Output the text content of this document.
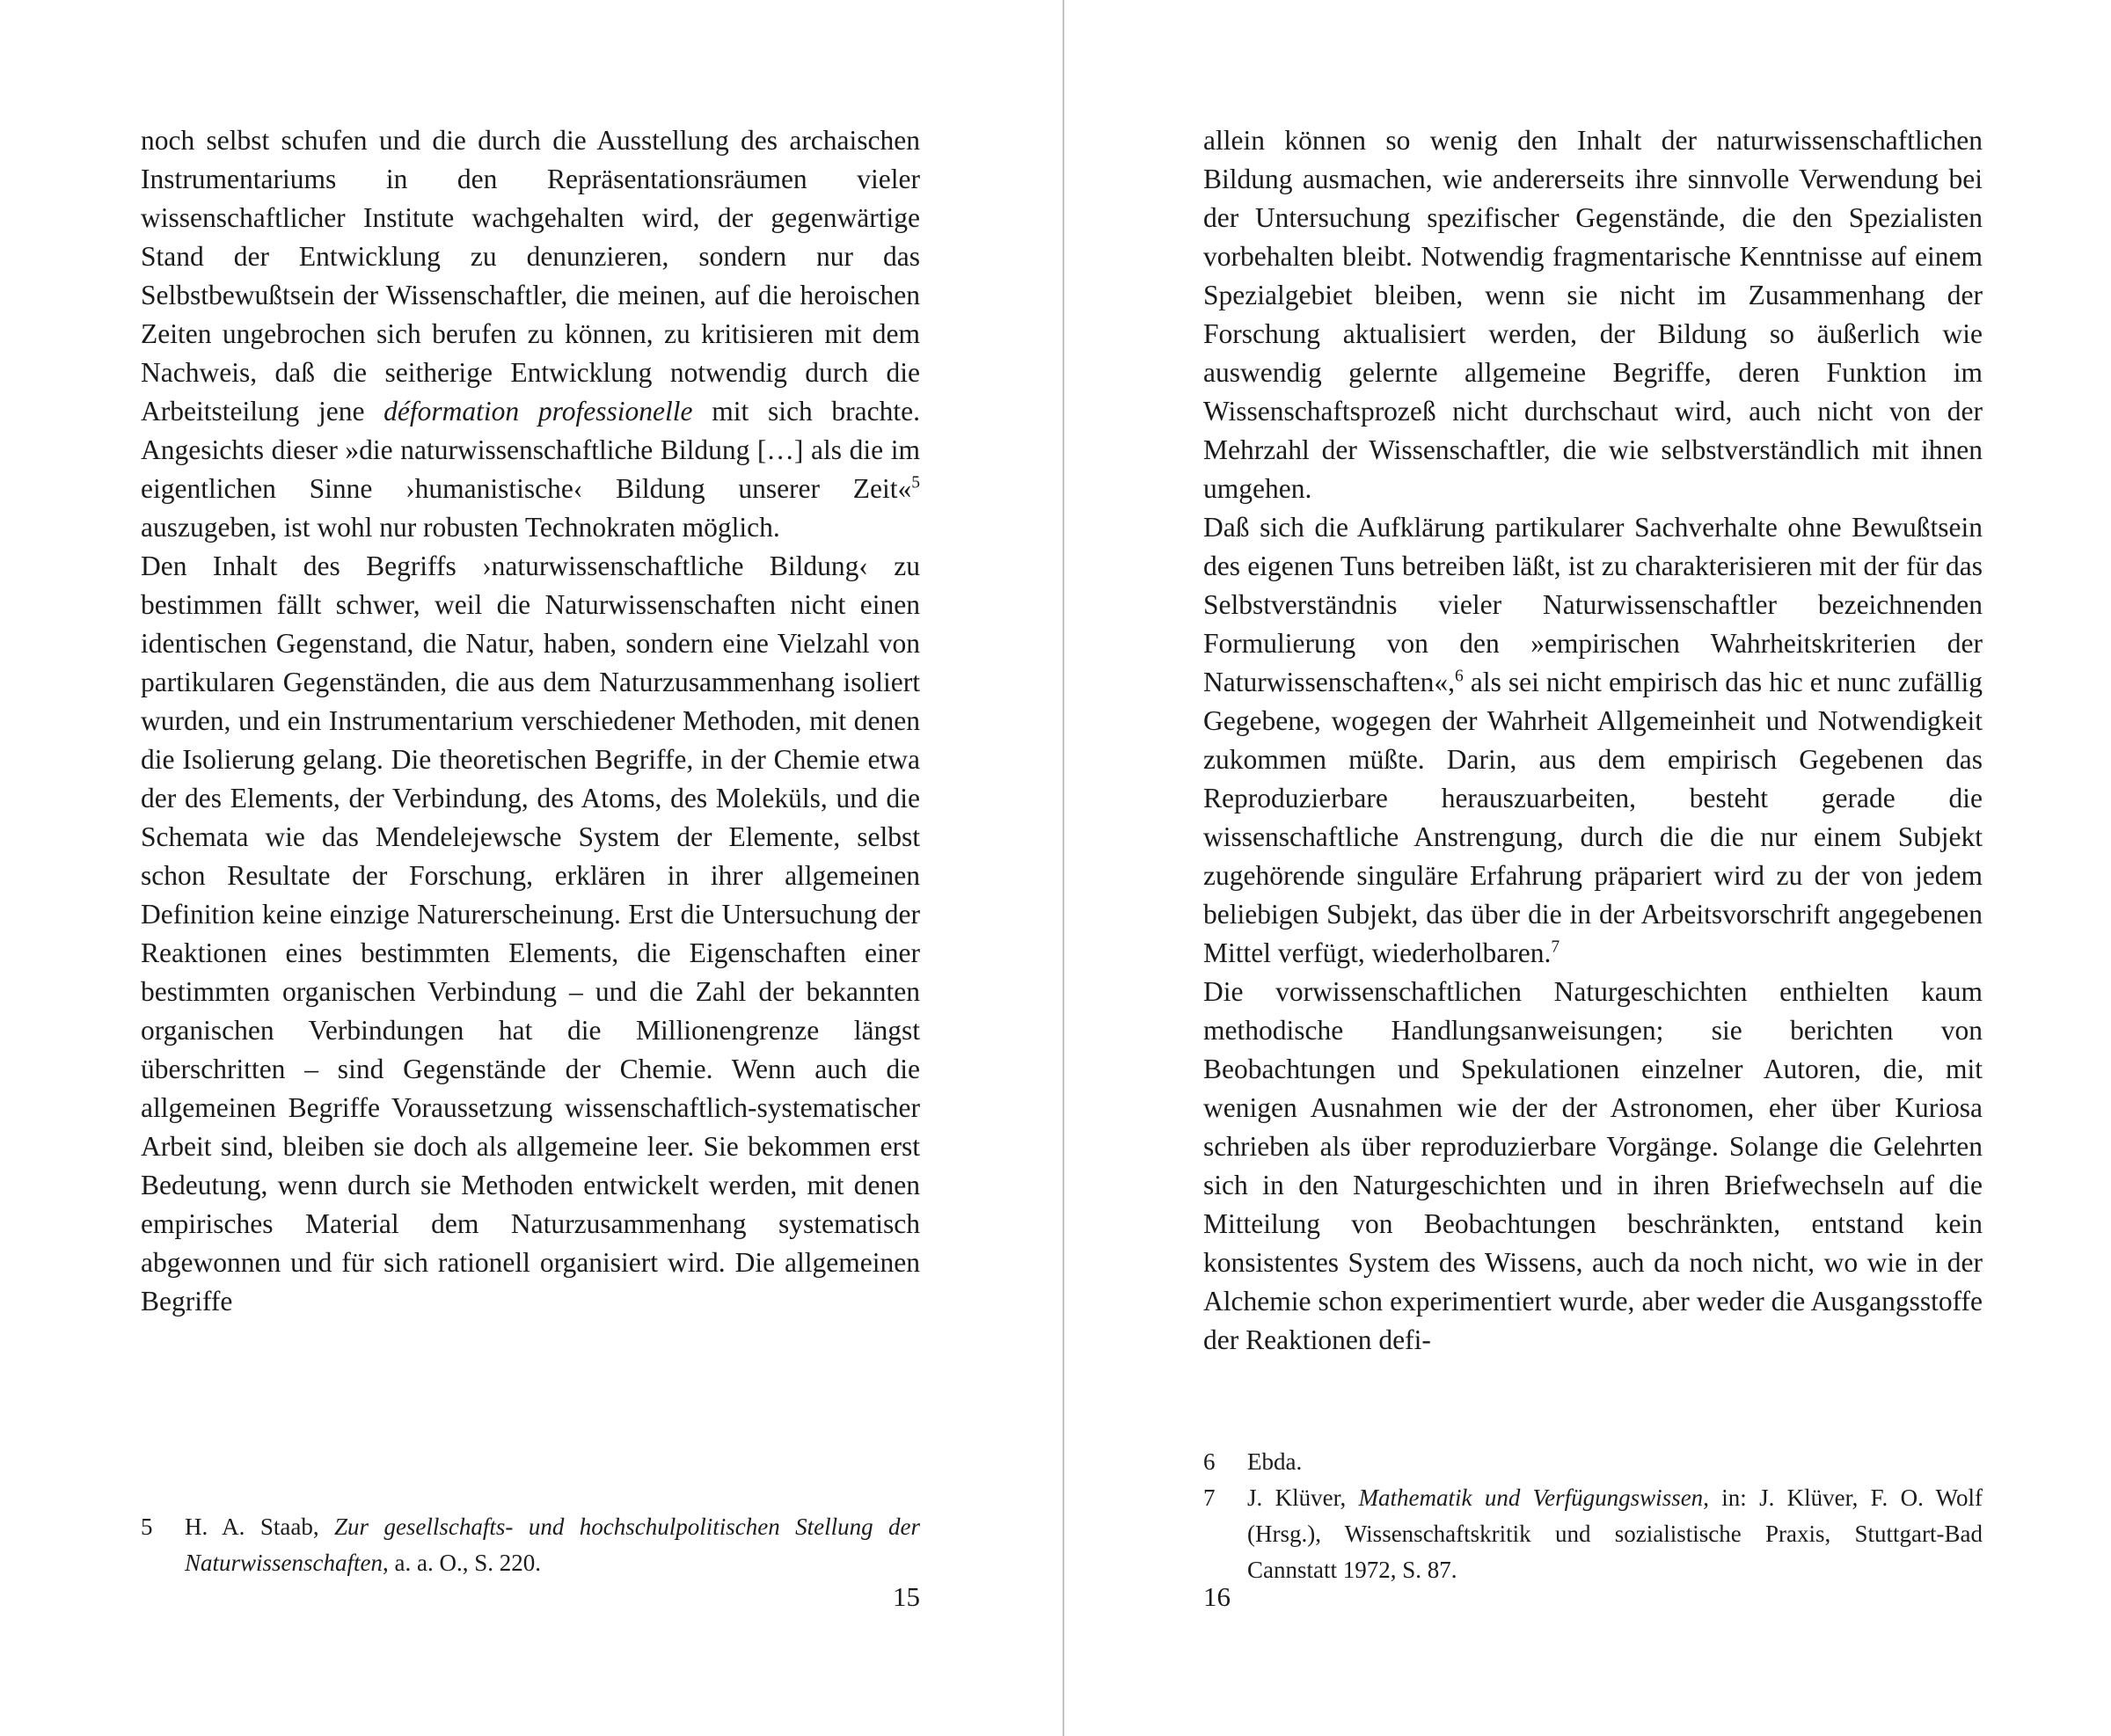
noch selbst schufen und die durch die Ausstellung des archaischen Instrumentariums in den Repräsentationsräumen vieler wissenschaftlicher Institute wachgehalten wird, der gegenwärtige Stand der Entwicklung zu denunzieren, sondern nur das Selbstbewußtsein der Wissenschaftler, die meinen, auf die heroischen Zeiten ungebrochen sich berufen zu können, zu kritisieren mit dem Nachweis, daß die seitherige Entwicklung notwendig durch die Arbeitsteilung jene déformation professionelle mit sich brachte. Angesichts dieser »die naturwissenschaftliche Bildung […] als die im eigentlichen Sinne ›humanistische‹ Bildung unserer Zeit«$^5$ auszugeben, ist wohl nur robusten Technokraten möglich.

Den Inhalt des Begriffs ›naturwissenschaftliche Bildung‹ zu bestimmen fällt schwer, weil die Naturwissenschaften nicht einen identischen Gegenstand, die Natur, haben, sondern eine Vielzahl von partikularen Gegenständen, die aus dem Naturzusammenhang isoliert wurden, und ein Instrumentarium verschiedener Methoden, mit denen die Isolierung gelang. Die theoretischen Begriffe, in der Chemie etwa der des Elements, der Verbindung, des Atoms, des Moleküls, und die Schemata wie das Mendelejewsche System der Elemente, selbst schon Resultate der Forschung, erklären in ihrer allgemeinen Definition keine einzige Naturerscheinung. Erst die Untersuchung der Reaktionen eines bestimmten Elements, die Eigenschaften einer bestimmten organischen Verbindung – und die Zahl der bekannten organischen Verbindungen hat die Millionengrenze längst überschritten – sind Gegenstände der Chemie. Wenn auch die allgemeinen Begriffe Voraussetzung wissenschaftlich-systematischer Arbeit sind, bleiben sie doch als allgemeine leer. Sie bekommen erst Bedeutung, wenn durch sie Methoden entwickelt werden, mit denen empirisches Material dem Naturzusammenhang systematisch abgewonnen und für sich rationell organisiert wird. Die allgemeinen Begriffe

5	H. A. Staab, Zur gesellschafts- und hochschulpolitischen Stellung der Naturwissenschaften, a. a. O., S. 220.
15

allein können so wenig den Inhalt der naturwissenschaftlichen Bildung ausmachen, wie andererseits ihre sinnvolle Verwendung bei der Untersuchung spezifischer Gegenstände, die den Spezialisten vorbehalten bleibt. Notwendig fragmentarische Kenntnisse auf einem Spezialgebiet bleiben, wenn sie nicht im Zusammenhang der Forschung aktualisiert werden, der Bildung so äußerlich wie auswendig gelernte allgemeine Begriffe, deren Funktion im Wissenschaftsprozeß nicht durchschaut wird, auch nicht von der Mehrzahl der Wissenschaftler, die wie selbstverständlich mit ihnen umgehen.

Daß sich die Aufklärung partikularer Sachverhalte ohne Bewußtsein des eigenen Tuns betreiben läßt, ist zu charakterisieren mit der für das Selbstverständnis vieler Naturwissenschaftler bezeichnenden Formulierung von den »empirischen Wahrheitskriterien der Naturwissenschaften«,$^6$ als sei nicht empirisch das hic et nunc zufällig Gegebene, wogegen der Wahrheit Allgemeinheit und Notwendigkeit zukommen müßte. Darin, aus dem empirisch Gegebenen das Reproduzierbare herauszuarbeiten, besteht gerade die wissenschaftliche Anstrengung, durch die die nur einem Subjekt zugehörende singuläre Erfahrung präpariert wird zu der von jedem beliebigen Subjekt, das über die in der Arbeitsvorschrift angegebenen Mittel verfügt, wiederholbaren.$^7$

Die vorwissenschaftlichen Naturgeschichten enthielten kaum methodische Handlungsanweisungen; sie berichten von Beobachtungen und Spekulationen einzelner Autoren, die, mit wenigen Ausnahmen wie der der Astronomen, eher über Kuriosa schrieben als über reproduzierbare Vorgänge. Solange die Gelehrten sich in den Naturgeschichten und in ihren Briefwechseln auf die Mitteilung von Beobachtungen beschränkten, entstand kein konsistentes System des Wissens, auch da noch nicht, wo wie in der Alchemie schon experimentiert wurde, aber weder die Ausgangsstoffe der Reaktionen defi-

6	Ebda.
7	J. Klüver, Mathematik und Verfügungswissen, in: J. Klüver, F. O. Wolf (Hrsg.), Wissenschaftskritik und sozialistische Praxis, Stuttgart-Bad Cannstatt 1972, S. 87.
16
